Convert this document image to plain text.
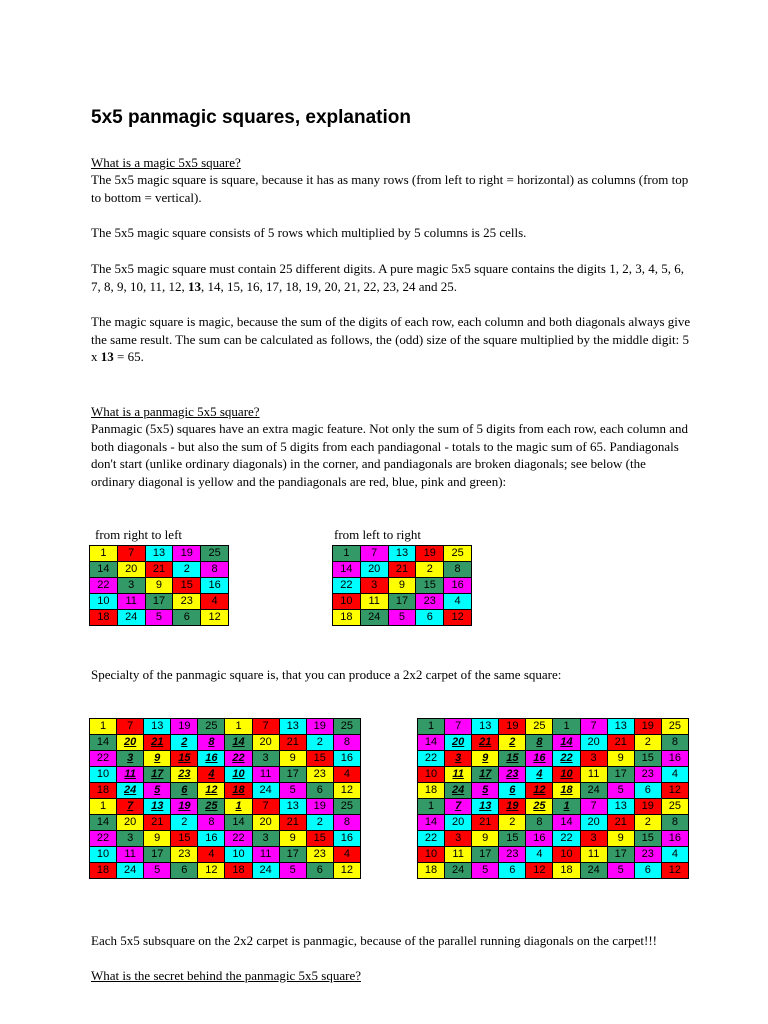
5x5 panmagic squares, explanation

What is a magic 5x5 square?

The 5x5 magic square is square, because it has as many rows (from left to right = horizontal) as columns (from top to bottom = vertical).

The 5x5 magic square consists of 5 rows which multiplied by 5 columns is 25 cells.

The 5x5 magic square must contain 25 different digits. A pure magic 5x5 square contains the digits 1, 2, 3, 4, 5, 6, 7, 8, 9, 10, 11, 12, 13, 14, 15, 16, 17, 18, 19, 20, 21, 22, 23, 24 and 25.

The magic square is magic, because the sum of the digits of each row, each column and both diagonals always give the same result. The sum can be calculated as follows, the (odd) size of the square multiplied by the middle digit: 5 x 13 = 65.

What is a panmagic 5x5 square?

Panmagic (5x5) squares have an extra magic feature. Not only the sum of 5 digits from each row, each column and both diagonals - but also the sum of 5 digits from each pandiagonal - totals to the magic sum of 65. Pandiagonals don't start (unlike ordinary diagonals) in the corner, and pandiagonals are broken diagonals; see below (the ordinary diagonal is yellow and the pandiagonals are red, blue, pink and green):

from right to left	from left to right
1	7	13	19	25
14	20	21	2	8
22	3	9	15	16
10	11	17	23	4
18	24	5	6	12
1	7	13	19	25
14	20	21	2	8
22	3	9	15	16
10	11	17	23	4
18	24	5	6	12

Specialty of the panmagic square is, that you can produce a 2x2 carpet of the same square:

1	7	13	19	25	1	7	13	19	25
14	20	21	2	8	14	20	21	2	8
22	3	9	15	16	22	3	9	15	16
10	11	17	23	4	10	11	17	23	4
18	24	5	6	12	18	24	5	6	12
1	7	13	19	25	1	7	13	19	25
14	20	21	2	8	14	20	21	2	8
22	3	9	15	16	22	3	9	15	16
10	11	17	23	4	10	11	17	23	4
18	24	5	6	12	18	24	5	6	12
1	7	13	19	25	1	7	13	19	25
14	20	21	2	8	14	20	21	2	8
22	3	9	15	16	22	3	9	15	16
10	11	17	23	4	10	11	17	23	4
18	24	5	6	12	18	24	5	6	12
1	7	13	19	25	1	7	13	19	25
14	20	21	2	8	14	20	21	2	8
22	3	9	15	16	22	3	9	15	16
10	11	17	23	4	10	11	17	23	4
18	24	5	6	12	18	24	5	6	12

Each 5x5 subsquare on the 2x2 carpet is panmagic, because of the parallel running diagonals on the carpet!!!

What is the secret behind the panmagic 5x5 square?
